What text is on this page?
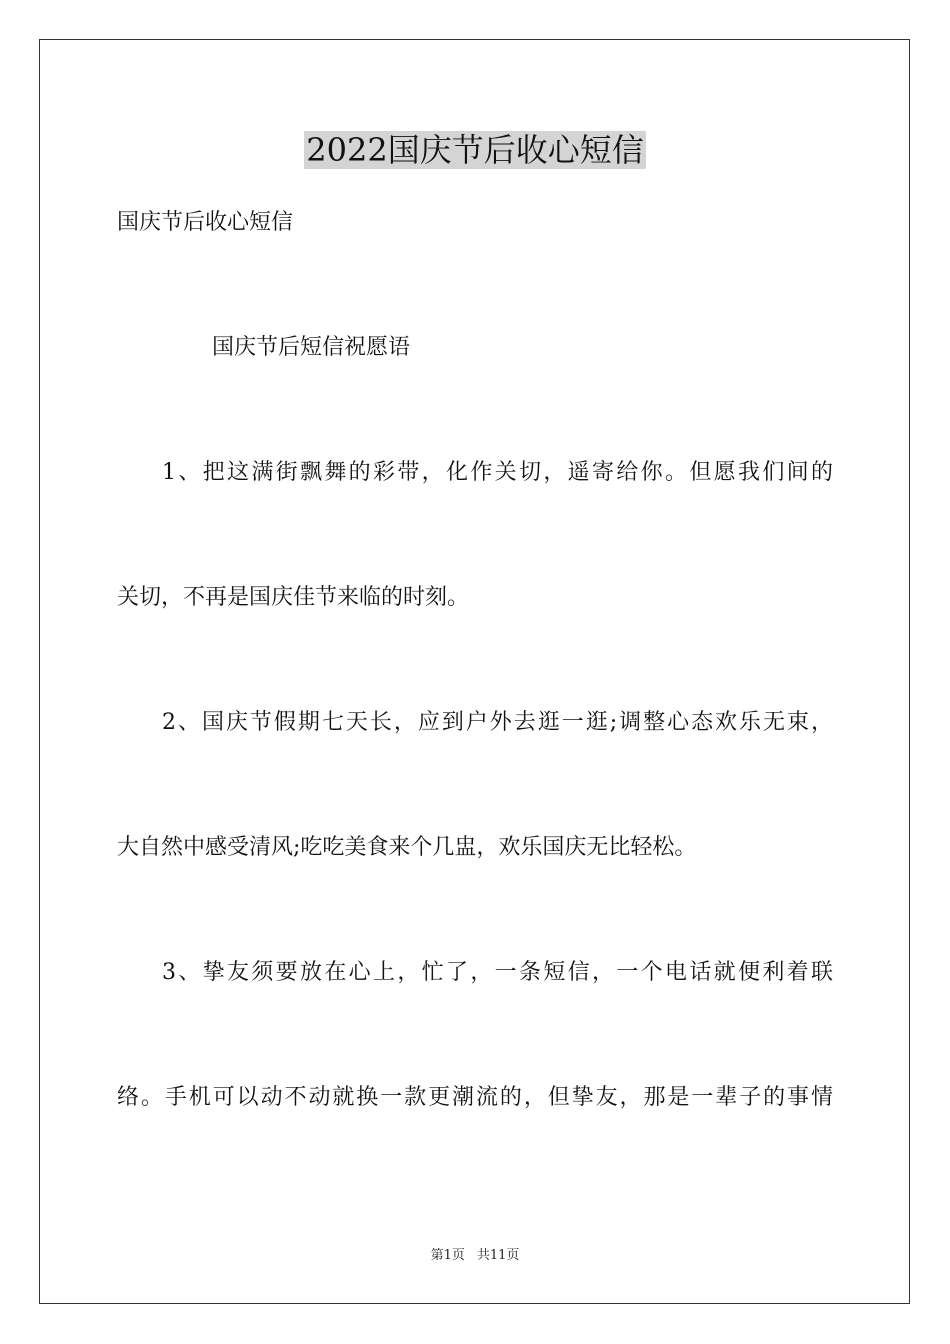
2022国庆节后收心短信

国庆节后收心短信

国庆节后短信祝愿语

1、把这满街飘舞的彩带，化作关切，遥寄给你。但愿我们间的

关切，不再是国庆佳节来临的时刻。

2、国庆节假期七天长，应到户外去逛一逛;调整心态欢乐无束，

大自然中感受清风;吃吃美食来个几盅，欢乐国庆无比轻松。

3、挚友须要放在心上，忙了，一条短信，一个电话就便利着联

络。手机可以动不动就换一款更潮流的，但挚友，那是一辈子的事情

第1页 共11页
